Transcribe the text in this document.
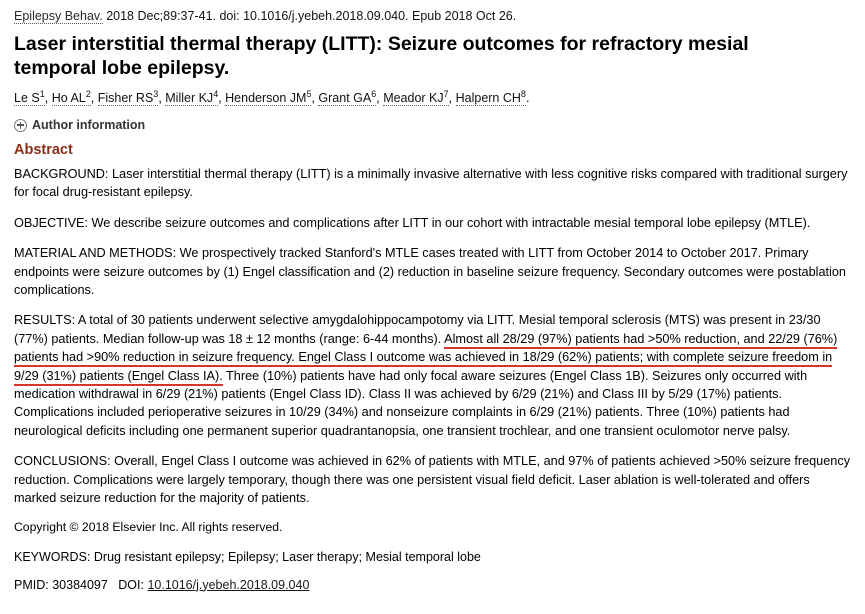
Epilepsy Behav. 2018 Dec;89:37-41. doi: 10.1016/j.yebeh.2018.09.040. Epub 2018 Oct 26.
Laser interstitial thermal therapy (LITT): Seizure outcomes for refractory mesial temporal lobe epilepsy.
Le $S^1$, Ho $AL^2$, Fisher $RS^3$, Miller $KJ^4$, Henderson $JM^5$, Grant $GA^6$, Meador $KJ^7$, Halpern $CH^8$.
Author information
Abstract

BACKGROUND: Laser interstitial thermal therapy (LITT) is a minimally invasive alternative with less cognitive risks compared with traditional surgery for focal drug-resistant epilepsy.

OBJECTIVE: We describe seizure outcomes and complications after LITT in our cohort with intractable mesial temporal lobe epilepsy (MTLE).

MATERIAL AND METHODS: We prospectively tracked Stanford's MTLE cases treated with LITT from October 2014 to October 2017. Primary endpoints were seizure outcomes by (1) Engel classification and (2) reduction in baseline seizure frequency. Secondary outcomes were postablation complications.

RESULTS: A total of 30 patients underwent selective amygdalohippocampotomy via LITT. Mesial temporal sclerosis (MTS) was present in 23/30 (77%) patients. Median follow-up was 18 ± 12 months (range: 6-44 months). Almost all 28/29 (97%) patients had >50% reduction, and 22/29 (76%) patients had >90% reduction in seizure frequency. Engel Class I outcome was achieved in 18/29 (62%) patients; with complete seizure freedom in 9/29 (31%) patients (Engel Class IA). Three (10%) patients have had only focal aware seizures (Engel Class 1B). Seizures only occurred with medication withdrawal in 6/29 (21%) patients (Engel Class ID). Class II was achieved by 6/29 (21%) and Class III by 5/29 (17%) patients. Complications included perioperative seizures in 10/29 (34%) and nonseizure complaints in 6/29 (21%) patients. Three (10%) patients had neurological deficits including one permanent superior quadrantanopsia, one transient trochlear, and one transient oculomotor nerve palsy.

CONCLUSIONS: Overall, Engel Class I outcome was achieved in 62% of patients with MTLE, and 97% of patients achieved >50% seizure frequency reduction. Complications were largely temporary, though there was one persistent visual field deficit. Laser ablation is well-tolerated and offers marked seizure reduction for the majority of patients.

Copyright © 2018 Elsevier Inc. All rights reserved.

KEYWORDS: Drug resistant epilepsy; Epilepsy; Laser therapy; Mesial temporal lobe

PMID: 30384097 DOI: 10.1016/j.yebeh.2018.09.040
